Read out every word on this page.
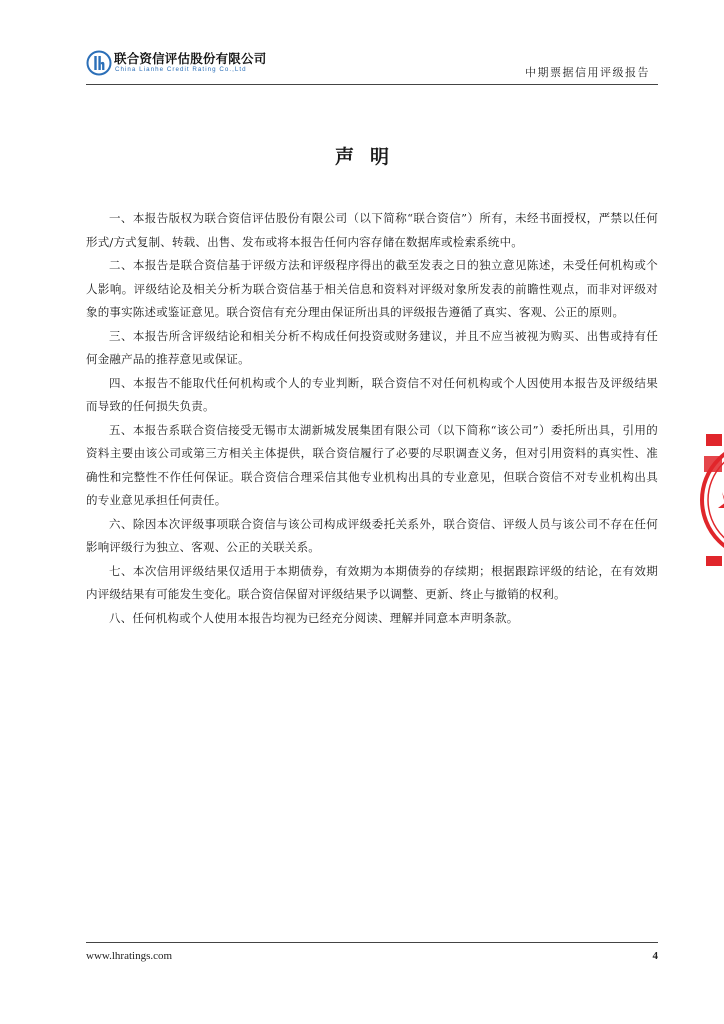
联合资信评估股份有限公司
China Lianhe Credit Rating Co.,Ltd	中期票据信用评级报告
声明

一、本报告版权为联合资信评估股份有限公司（以下简称“联合资信”）所有，未经书面授权，严禁以任何形式/方式复制、转载、出售、发布或将本报告任何内容存储在数据库或检索系统中。

二、本报告是联合资信基于评级方法和评级程序得出的截至发表之日的独立意见陈述，未受任何机构或个人影响。评级结论及相关分析为联合资信基于相关信息和资料对评级对象所发表的前瞻性观点，而非对评级对象的事实陈述或鉴证意见。联合资信有充分理由保证所出具的评级报告遵循了真实、客观、公正的原则。

三、本报告所含评级结论和相关分析不构成任何投资或财务建议，并且不应当被视为购买、出售或持有任何金融产品的推荐意见或保证。

四、本报告不能取代任何机构或个人的专业判断，联合资信不对任何机构或个人因使用本报告及评级结果而导致的任何损失负责。

五、本报告系联合资信接受无锡市太湖新城发展集团有限公司（以下简称“该公司”）委托所出具，引用的资料主要由该公司或第三方相关主体提供，联合资信履行了必要的尽职调查义务，但对引用资料的真实性、准确性和完整性不作任何保证。联合资信合理采信其他专业机构出具的专业意见，但联合资信不对专业机构出具的专业意见承担任何责任。

六、除因本次评级事项联合资信与该公司构成评级委托关系外，联合资信、评级人员与该公司不存在任何影响评级行为独立、客观、公正的关联关系。

七、本次信用评级结果仅适用于本期债券，有效期为本期债券的存续期；根据跟踪评级的结论，在有效期内评级结果有可能发生变化。联合资信保留对评级结果予以调整、更新、终止与撤销的权利。

八、任何机构或个人使用本报告均视为已经充分阅读、理解并同意本声明条款。

www.lhratings.com	4
